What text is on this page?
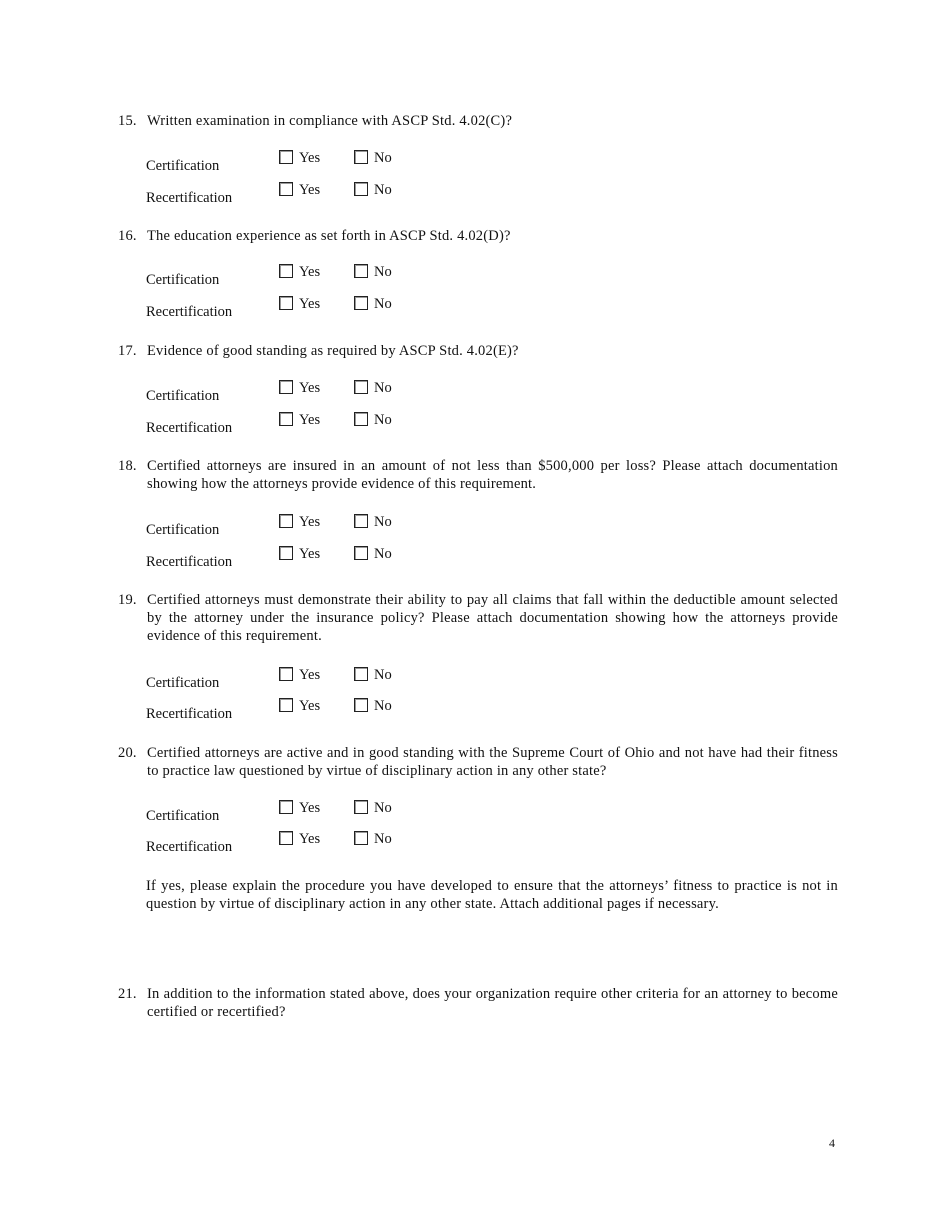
15. Written examination in compliance with ASCP Std. 4.02(C)?
Certification	Yes	No
Recertification	Yes	No
16. The education experience as set forth in ASCP Std. 4.02(D)?
Certification	Yes	No
Recertification	Yes	No
17. Evidence of good standing as required by ASCP Std. 4.02(E)?
Certification	Yes	No
Recertification	Yes	No
18. Certified attorneys are insured in an amount of not less than $500,000 per loss? Please attach documentation showing how the attorneys provide evidence of this requirement.
Certification	Yes	No
Recertification	Yes	No
19. Certified attorneys must demonstrate their ability to pay all claims that fall within the deductible amount selected by the attorney under the insurance policy? Please attach documentation showing how the attorneys provide evidence of this requirement.
Certification	Yes	No
Recertification	Yes	No
20. Certified attorneys are active and in good standing with the Supreme Court of Ohio and not have had their fitness to practice law questioned by virtue of disciplinary action in any other state?
Certification	Yes	No
Recertification	Yes	No
If yes, please explain the procedure you have developed to ensure that the attorneys’ fitness to practice is not in question by virtue of disciplinary action in any other state. Attach additional pages if necessary.
21. In addition to the information stated above, does your organization require other criteria for an attorney to become certified or recertified?
4
